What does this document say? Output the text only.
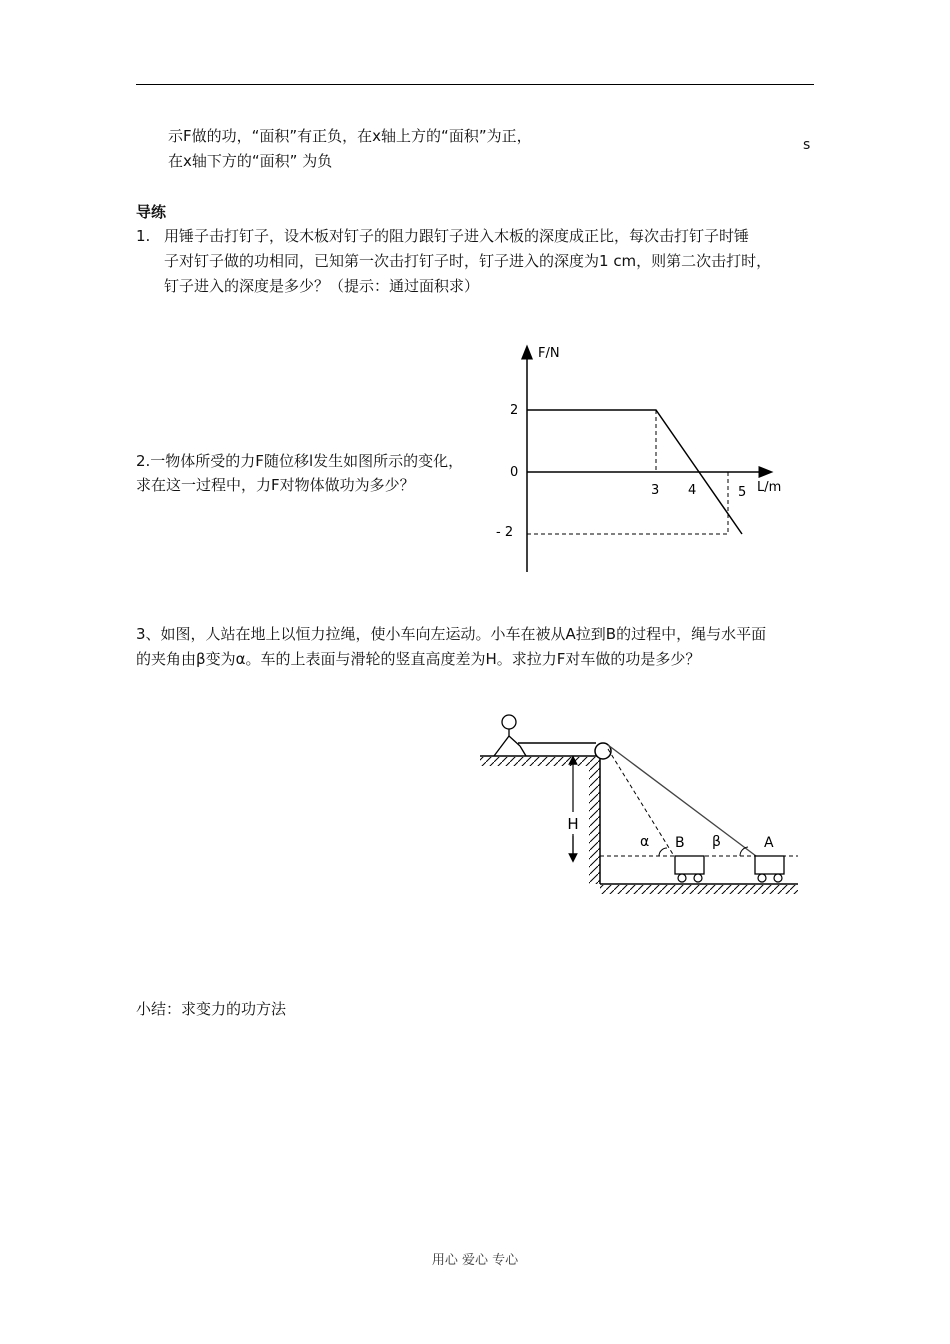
示F做的功，“面积”有正负，在x轴上方的“面积”为正，
在x轴下方的“面积” 为负
s
导练
1. 用锤子击打钉子，设木板对钉子的阻力跟钉子进入木板的深度成正比，每次击打钉子时锤
子对钉子做的功相同，已知第一次击打钉子时，钉子进入的深度为1 cm，则第二次击打时，
钉子进入的深度是多少？（提示：通过面积求）
2.一物体所受的力F随位移l发生如图所示的变化，
求在这一过程中，力F对物体做功为多少？
F/N
L/m
2
0
- 2
3 4	5
3、如图，人站在地上以恒力拉绳，使小车向左运动。小车在被从A拉到B的过程中，绳与水平面
的夹角由β变为α。车的上表面与滑轮的竖直高度差为H。求拉力F对车做的功是多少？
H
α	β
B	A
小结：求变力的功方法
用心 爱心 专心
